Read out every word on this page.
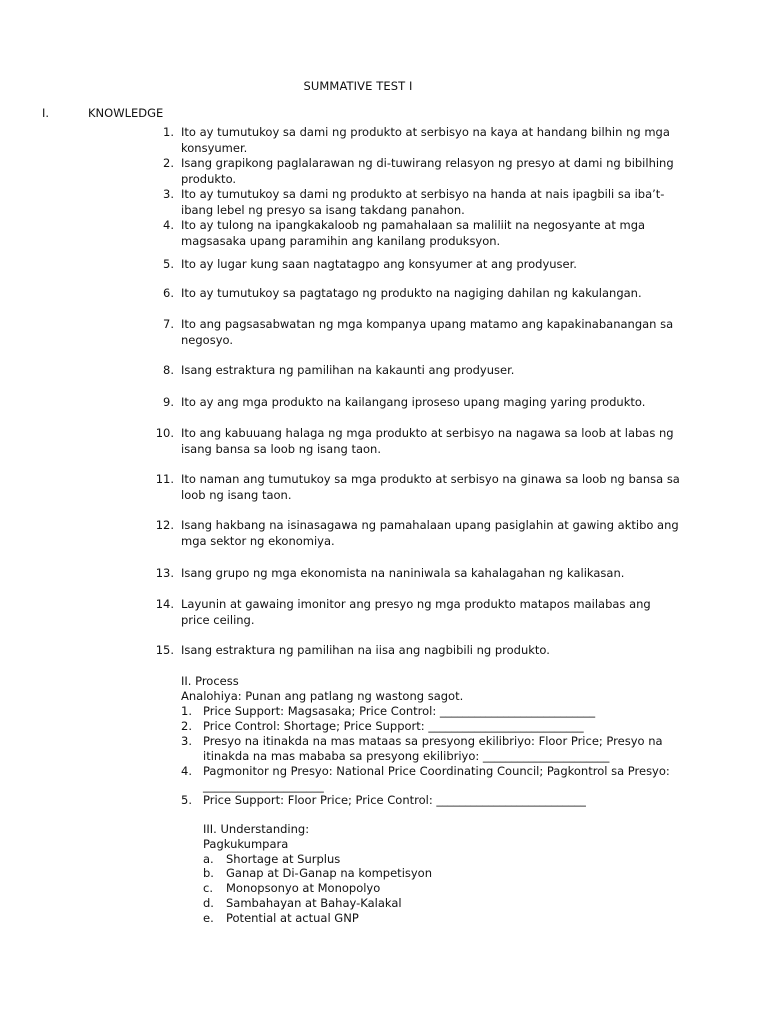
SUMMATIVE TEST I
I.	KNOWLEDGE
1. Ito ay tumutukoy sa dami ng produkto at serbisyo na kaya at handang bilhin ng mga konsyumer.
2. Isang grapikong paglalarawan ng di-tuwirang relasyon ng presyo at dami ng bibilhing produkto.
3. Ito ay tumutukoy sa dami ng produkto at serbisyo na handa at nais ipagbili sa iba’t-ibang lebel ng presyo sa isang takdang panahon.
4. Ito ay tulong na ipangkakaloob ng pamahalaan sa maliliit na negosyante at mga magsasaka upang paramihin ang kanilang produksyon.
5. Ito ay lugar kung saan nagtatagpo ang konsyumer at ang prodyuser.
6. Ito ay tumutukoy sa pagtatago ng produkto na nagiging dahilan ng kakulangan.
7. Ito ang pagsasabwatan ng mga kompanya upang matamo ang kapakinabanangan sa negosyo.
8. Isang estraktura ng pamilihan na kakaunti ang prodyuser.
9. Ito ay ang mga produkto na kailangang iproseso upang maging yaring produkto.
10. Ito ang kabuuang halaga ng mga produkto at serbisyo na nagawa sa loob at labas ng isang bansa sa loob ng isang taon.
11. Ito naman ang tumutukoy sa mga produkto at serbisyo na ginawa sa loob ng bansa sa loob ng isang taon.
12. Isang hakbang na isinasagawa ng pamahalaan upang pasiglahin at gawing aktibo ang mga sektor ng ekonomiya.
13. Isang grupo ng mga ekonomista na naniniwala sa kahalagahan ng kalikasan.
14. Layunin at gawaing imonitor ang presyo ng mga produkto matapos mailabas ang price ceiling.
15. Isang estraktura ng pamilihan na iisa ang nagbibili ng produkto.
II. Process
Analohiya: Punan ang patlang ng wastong sagot.
1. Price Support: Magsasaka; Price Control: ___________________________
2. Price Control: Shortage; Price Support: ___________________________
3. Presyo na itinakda na mas mataas sa presyong ekilibriyo: Floor Price; Presyo na itinakda na mas mababa sa presyong ekilibriyo: ______________________
4. Pagmonitor ng Presyo: National Price Coordinating Council; Pagkontrol sa Presyo: _____________________
5. Price Support: Floor Price; Price Control: __________________________
III. Understanding:
Pagkukumpara
a. Shortage at Surplus
b. Ganap at Di-Ganap na kompetisyon
c. Monopsonyo at Monopolyo
d. Sambahayan at Bahay-Kalakal
e. Potential at actual GNP
